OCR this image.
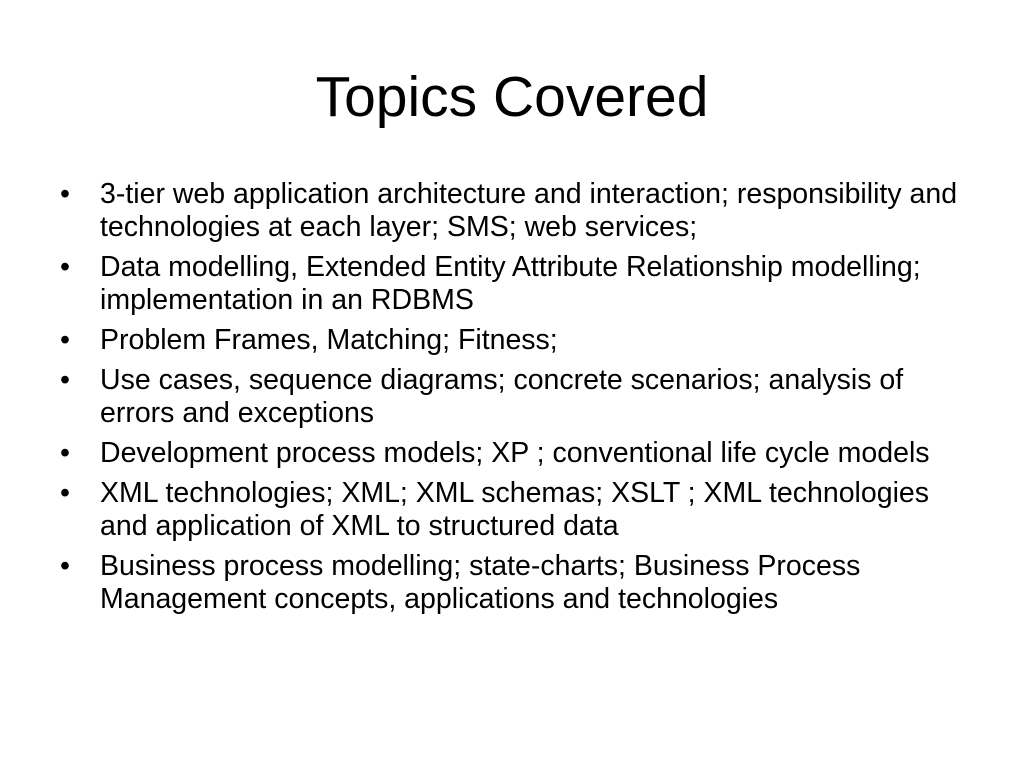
Topics Covered
• 3-tier web application architecture and interaction; responsibility and technologies at each layer; SMS; web services;
• Data modelling, Extended Entity Attribute Relationship modelling; implementation in an RDBMS
• Problem Frames, Matching; Fitness;
• Use cases, sequence diagrams; concrete scenarios; analysis of errors and exceptions
• Development process models; XP ; conventional life cycle models
• XML technologies; XML; XML schemas; XSLT ; XML technologies and application of XML to structured data
• Business process modelling; state-charts; Business Process Management concepts, applications and technologies
